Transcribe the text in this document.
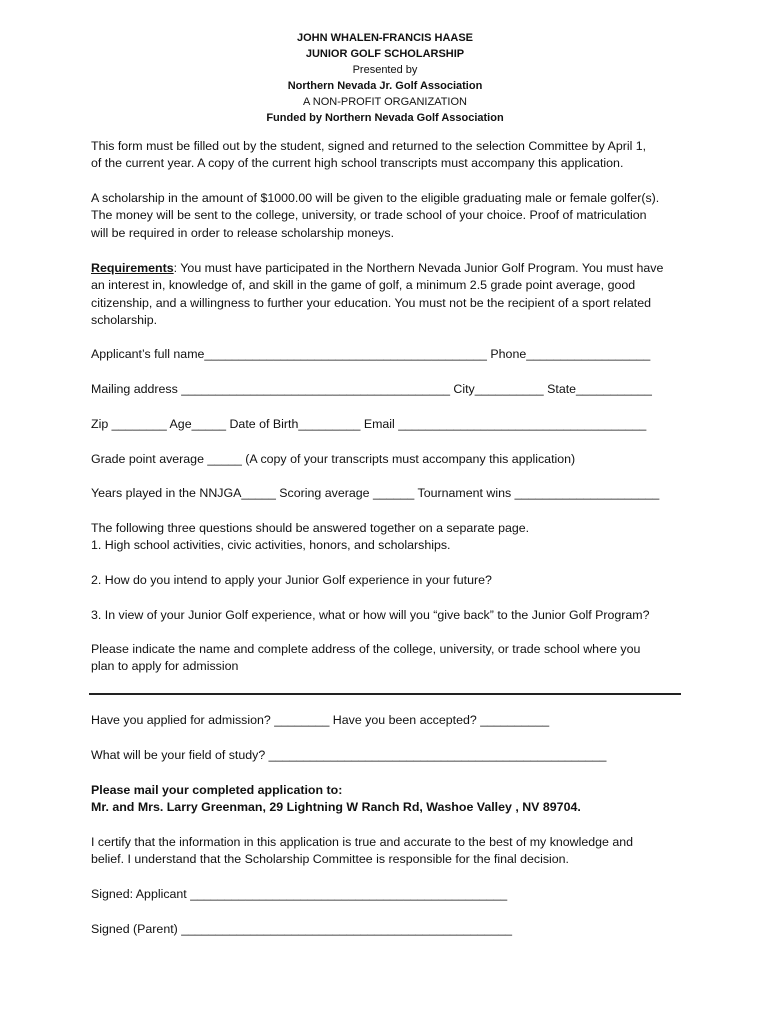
JOHN WHALEN-FRANCIS HAASE
JUNIOR GOLF SCHOLARSHIP
Presented by
Northern Nevada Jr. Golf Association
A NON-PROFIT ORGANIZATION
Funded by Northern Nevada Golf Association
This form must be filled out by the student, signed and returned to the selection Committee by April 1,
of the current year. A copy of the current high school transcripts must accompany this application.
A scholarship in the amount of $1000.00 will be given to the eligible graduating male or female golfer(s).
The money will be sent to the college, university, or trade school of your choice. Proof of matriculation
will be required in order to release scholarship moneys.
Requirements: You must have participated in the Northern Nevada Junior Golf Program. You must have
an interest in, knowledge of, and skill in the game of golf, a minimum 2.5 grade point average, good
citizenship, and a willingness to further your education. You must not be the recipient of a sport related
scholarship.
Applicant’s full name_________________________________________ Phone__________________
Mailing address _______________________________________ City__________ State___________
Zip ________ Age_____ Date of Birth_________ Email ____________________________________
Grade point average _____ (A copy of your transcripts must accompany this application)
Years played in the NNJGA_____ Scoring average ______ Tournament wins _____________________
The following three questions should be answered together on a separate page.
1. High school activities, civic activities, honors, and scholarships.
2. How do you intend to apply your Junior Golf experience in your future?
3. In view of your Junior Golf experience, what or how will you “give back” to the Junior Golf Program?
Please indicate the name and complete address of the college, university, or trade school where you
plan to apply for admission
Have you applied for admission? ________ Have you been accepted? __________
What will be your field of study? _________________________________________________
Please mail your completed application to:
Mr. and Mrs. Larry Greenman, 29 Lightning W Ranch Rd, Washoe Valley , NV 89704.
I certify that the information in this application is true and accurate to the best of my knowledge and
belief. I understand that the Scholarship Committee is responsible for the final decision.
Signed: Applicant ______________________________________________
Signed (Parent) ________________________________________________
